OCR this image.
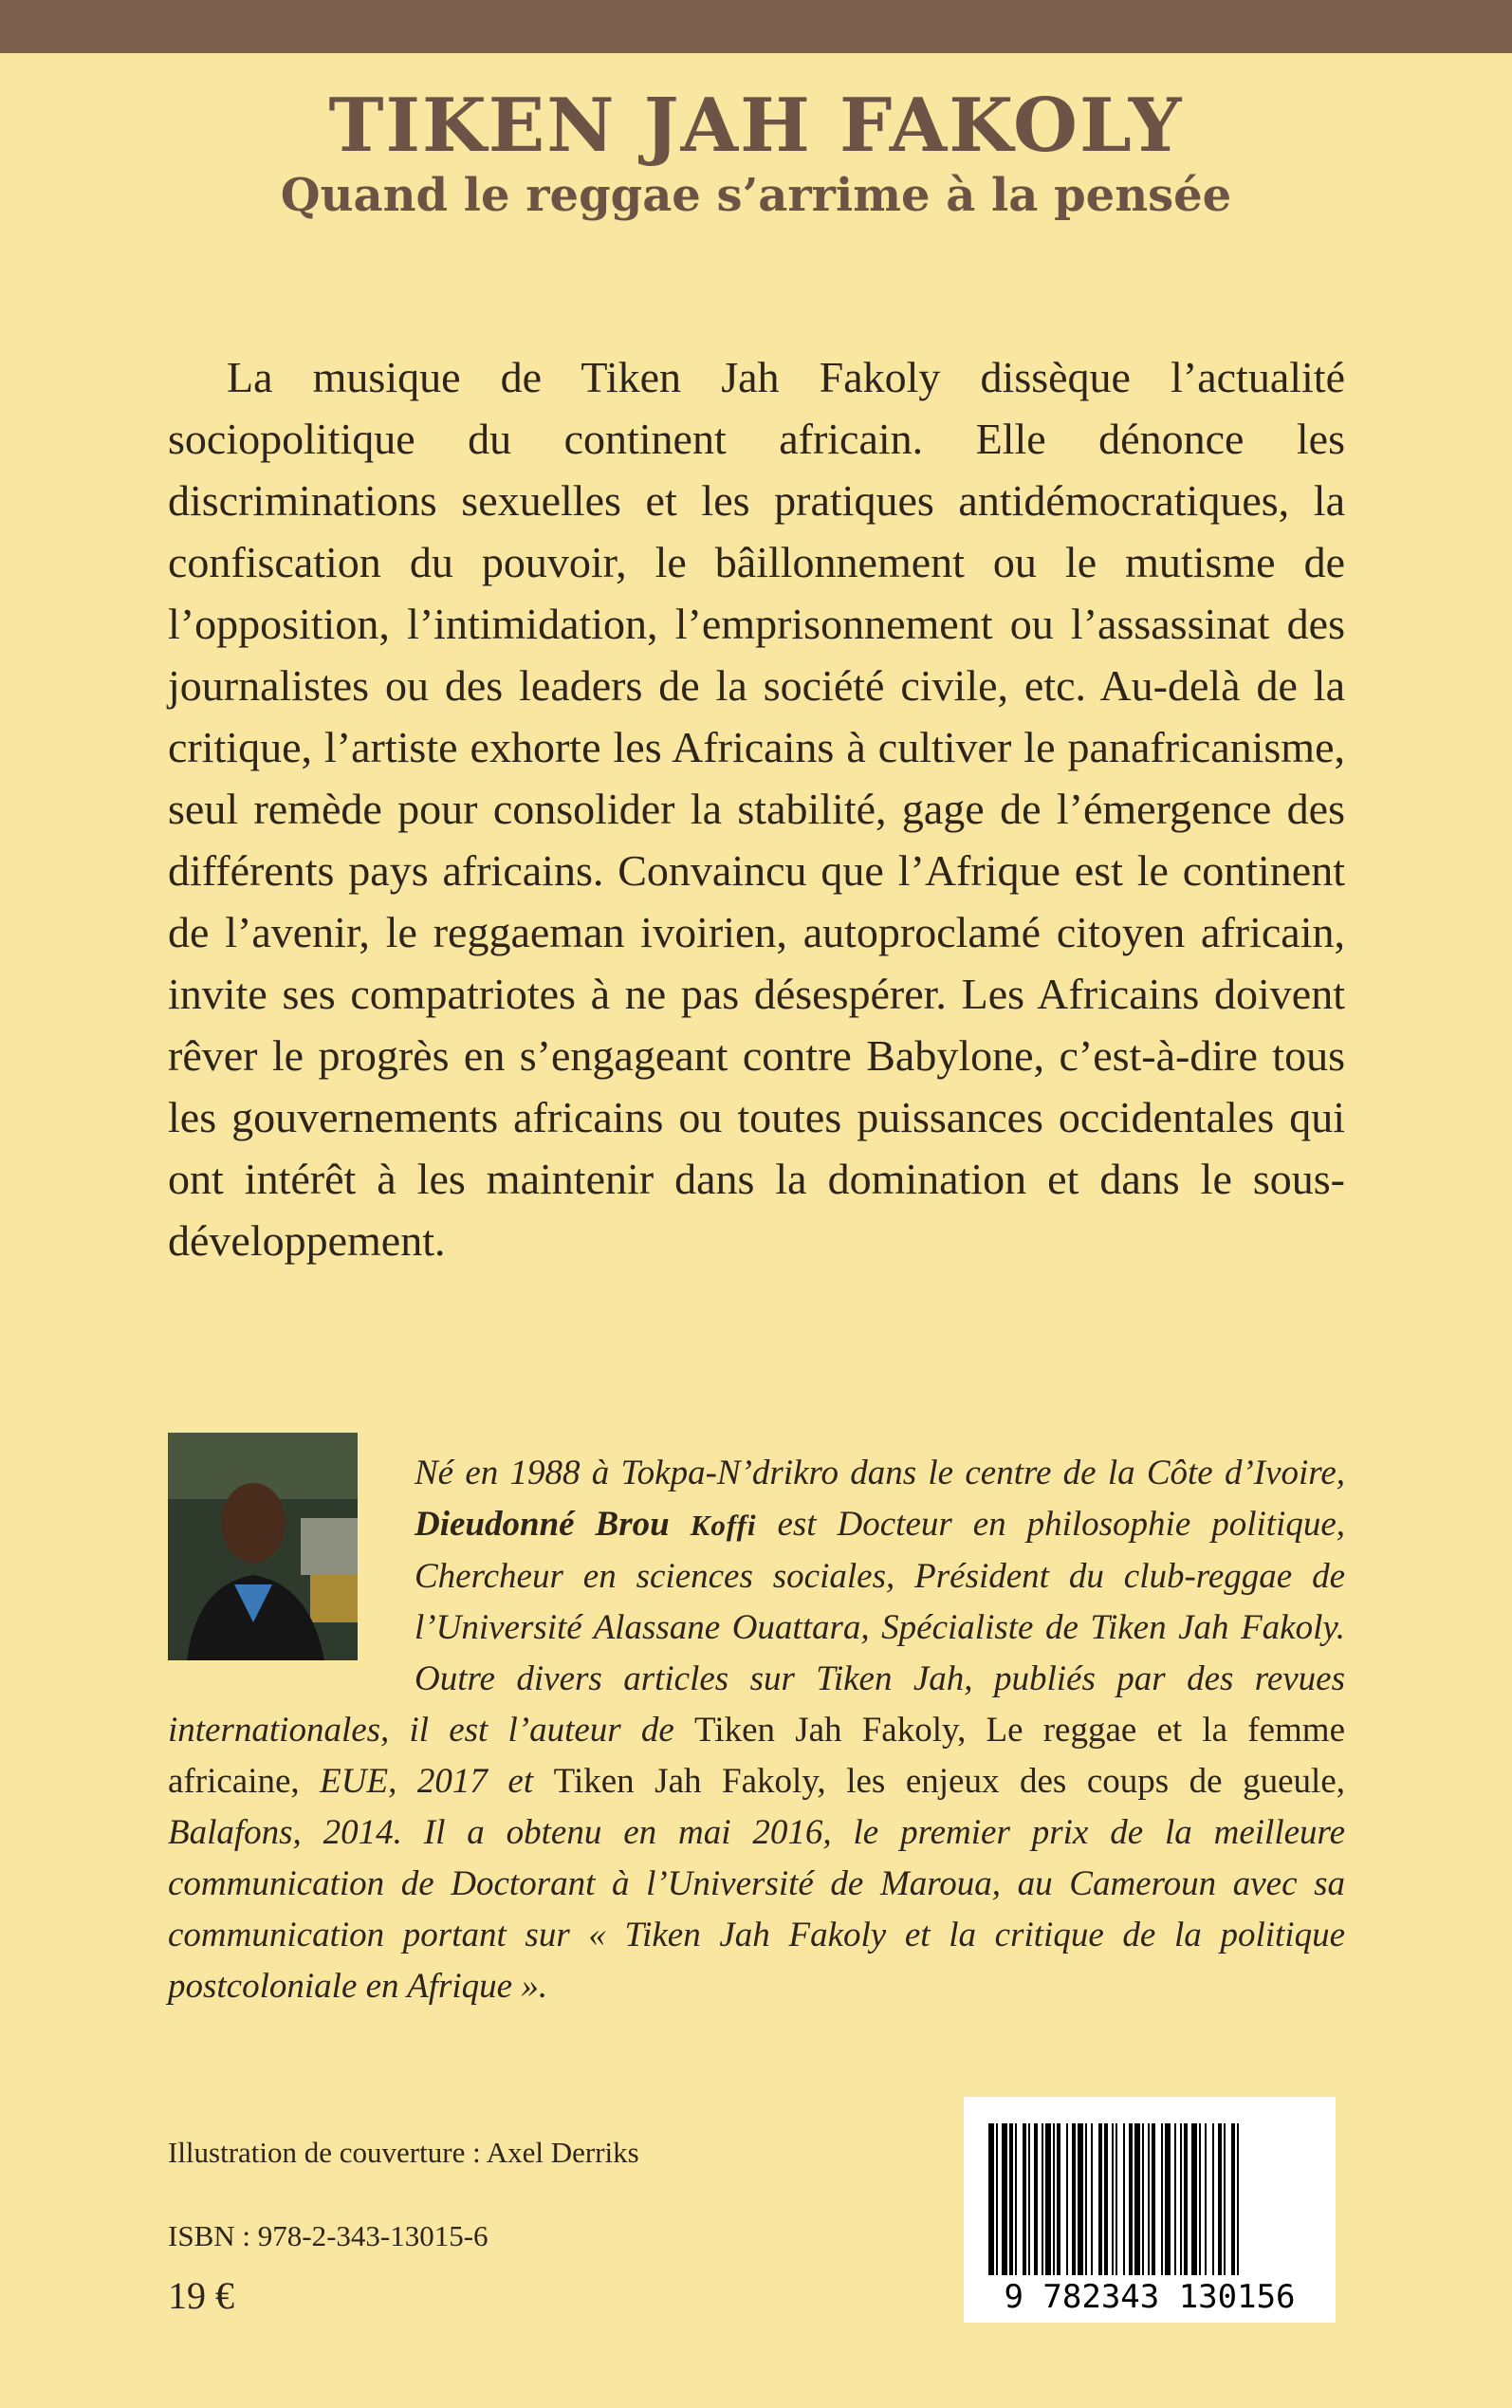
TIKEN JAH FAKOLY
Quand le reggae s’arrime à la pensée

La musique de Tiken Jah Fakoly dissèque l’actualité sociopolitique du continent africain. Elle dénonce les discriminations sexuelles et les pratiques antidémocratiques, la confiscation du pouvoir, le bâillonnement ou le mutisme de l’opposition, l’intimidation, l’emprisonnement ou l’assassinat des journalistes ou des leaders de la société civile, etc. Au-delà de la critique, l’artiste exhorte les Africains à cultiver le panafricanisme, seul remède pour consolider la stabilité, gage de l’émergence des différents pays africains. Convaincu que l’Afrique est le continent de l’avenir, le reggaeman ivoirien, autoproclamé citoyen africain, invite ses compatriotes à ne pas désespérer. Les Africains doivent rêver le progrès en s’engageant contre Babylone, c’est-à-dire tous les gouvernements africains ou toutes puissances occidentales qui ont intérêt à les maintenir dans la domination et dans le sous-développement.

Né en 1988 à Tokpa-N’drikro dans le centre de la Côte d’Ivoire, Dieudonné Brou Koffi est Docteur en philosophie politique, Chercheur en sciences sociales, Président du club-reggae de l’Université Alassane Ouattara, Spécialiste de Tiken Jah Fakoly. Outre divers articles sur Tiken Jah, publiés par des revues internationales, il est l’auteur de Tiken Jah Fakoly, Le reggae et la femme africaine, EUE, 2017 et Tiken Jah Fakoly, les enjeux des coups de gueule, Balafons, 2014. Il a obtenu en mai 2016, le premier prix de la meilleure communication de Doctorant à l’Université de Maroua, au Cameroun avec sa communication portant sur « Tiken Jah Fakoly et la critique de la politique postcoloniale en Afrique ».

Illustration de couverture : Axel Derriks
ISBN : 978-2-343-13015-6
19 €	9 782343 130156
